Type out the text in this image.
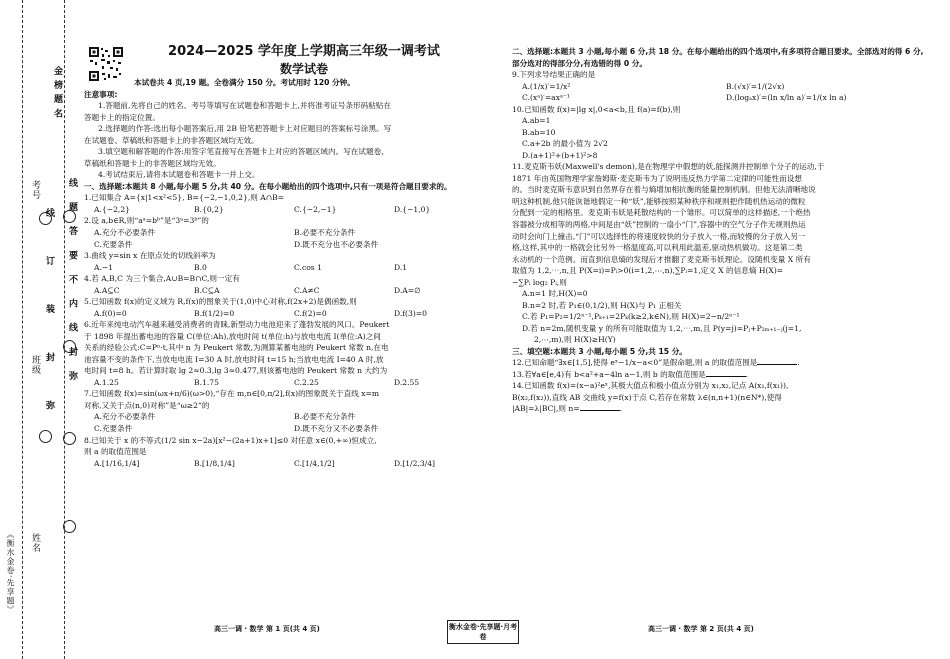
金 榜 题 名
考号
班级
姓名
《衡水金卷·先享题》
线 题 答 要 不 内 线 封 弥
线 订 装 封 弥
2024—2025 学年度上学期高三年级一调考试
数学试卷
本试卷共 4 页,19 题。全卷满分 150 分。考试用时 120 分钟。
注意事项:
1.答题前,先将自己的姓名、考号等填写在试题卷和答题卡上,并将准考证号条形码粘贴在
答题卡上的指定位置。
2.选择题的作答:选出每小题答案后,用 2B 铅笔把答题卡上对应题目的答案标号涂黑。写
在试题卷、草稿纸和答题卡上的非答题区域均无效。
3.填空题和解答题的作答:用签字笔直接写在答题卡上对应的答题区域内。写在试题卷、
草稿纸和答题卡上的非答题区域均无效。
4.考试结束后,请将本试题卷和答题卡一并上交。
一、选择题:本题共 8 小题,每小题 5 分,共 40 分。在每小题给出的四个选项中,只有一项是符合题目要求的。
1.已知集合 A={x|1<x²<5}, B={−2,−1,0,2},则 A∩B=
A.{−2,2}	B.{0,2}	C.{−2,−1}	D.{−1,0}
2.设 a,b∈R,则“aᵃ=bᵇ”是“3ᵃ=3ᵇ”的
A.充分不必要条件	B.必要不充分条件
C.充要条件	D.既不充分也不必要条件
3.曲线 y=sin x 在原点处的切线斜率为
A.−1	B.0	C.cos 1	D.1
4.若 A,B,C 为三个集合,A∪B=B∩C,则一定有
A.A⊆C	B.C⊆A	C.A≠C	D.A=∅
5.已知函数 f(x)的定义域为 R,f(x)的图象关于(1,0)中心对称,f(2x+2)是偶函数,则
A.f(0)=0	B.f(1/2)=0	C.f(2)=0	D.f(3)=0
6.近年来纯电动汽车越来越受消费者的青睐,新型动力电池迎来了蓬勃发展的风口。Peukert
于 1898 年提出蓄电池的容量 C(单位:Ah),放电时间 t(单位:h)与放电电流 I(单位:A)之间
关系的经验公式:C=Pⁿ·t,其中 n 为 Peukert 常数,为测算某蓄电池的 Peukert 常数 n,在电
池容量不变的条件下,当放电电流 I=30 A 时,放电时间 t=15 h;当放电电流 I=40 A 时,放
电时间 t=8 h。若计算时取 lg 2≈0.3,lg 3≈0.477,则该蓄电池的 Peukert 常数 n 大约为
A.1.25	B.1.75	C.2.25	D.2.55
7.已知函数 f(x)=sin(ωx+π/6)(ω>0),“存在 m,n∈[0,π/2],f(x)的图象既关于直线 x=m
对称,又关于点(n,0)对称”是“ω≥2”的
A.充分不必要条件	B.必要不充分条件
C.充要条件	D.既不充分又不必要条件
8.已知关于 x 的不等式(1/2 sin x−2a)[x²−(2a+1)x+1]≤0 对任意 x∈(0,+∞)恒成立,
则 a 的取值范围是
A.[1/16,1/4]	B.[1/8,1/4]	C.[1/4,1/2]	D.[1/2,3/4]
二、选择题:本题共 3 小题,每小题 6 分,共 18 分。在每小题给出的四个选项中,有多项符合题目要求。全部选对的得 6 分,部分选对的得部分分,有选错的得 0 分。
9.下列求导结果正确的是
A.(1/x)′=1/x²	B.(√x)′=1/(2√x)
C.(xᵃ)′=axᵃ⁻¹	D.(logₐx)′=(ln x/ln a)′=1/(x ln a)
10.已知函数 f(x)=|lg x|,0<a<b,且 f(a)=f(b),则
A.ab=1
B.ab=10
C.a+2b 的最小值为 2√2
D.(a+1)²+(b+1)²>8
11.麦克斯韦妖(Maxwell's demon),是在物理学中假想的妖,能探测并控制单个分子的运动,于
1871 年由英国物理学家詹姆斯·麦克斯韦为了说明违反热力学第二定律的可能性而设想
的。当时麦克斯韦意识到自然界存在着与熵增加相抗衡的能量控制机制。但他无法清晰地说
明这种机制,他只能诙谐地假定一种“妖”,能够按照某种秩序和规则把作随机热运动的微粒
分配到一定的相格里。麦克斯韦妖是耗散结构的一个雏形。可以简单的这样描述,一个绝热
容器被分成相等的两格,中间是由“妖”控制的一扇小“门”,容器中的空气分子作无规则热运
动时会向门上撞击,“门”可以选择性的将速度较快的分子放入一格,而较慢的分子放入另一
格,这样,其中的一格就会比另外一格温度高,可以利用此温差,驱动热机做功。这是第二类
永动机的一个范例。而直到信息熵的发现后才推翻了麦克斯韦妖理论。设随机变量 X 所有
取值为 1,2,⋯,n,且 P(X=i)=Pᵢ>0(i=1,2,⋯,n),∑Pᵢ=1,定义 X 的信息熵 H(X)=
−∑Pᵢ log₂ Pᵢ,则
A.n=1 时,H(X)=0
B.n=2 时,若 P₁∈(0,1/2),则 H(X)与 P₁ 正相关
C.若 P₁=P₂=1/2ⁿ⁻¹,Pₖ₊₁=2Pₖ(k≥2,k∈N),则 H(X)=2−n/2ⁿ⁻¹
D.若 n=2m,随机变量 y 的所有可能取值为 1,2,⋯,m,且 P(y=j)=Pⱼ+P₂ₘ₊₁₋ⱼ(j=1,
2,⋯,m),则 H(X)≥H(Y)
三、填空题:本题共 3 小题,每小题 5 分,共 15 分。
12.已知命题“∃x∈[1,5],使得 eˣ−1/x−a<0”是假命题,则 a 的取值范围是	.
13.若∀a∈[e,4)有 b<a²+a−4ln a−1,则 b 的取值范围是	.
14.已知函数 f(x)=(x−a)²eˣ,其极大值点和极小值点分别为 x₁,x₂,记点 A(x₁,f(x₁)),
B(x₂,f(x₂)),直线 AB 交曲线 y=f(x)于点 C,若存在常数 λ∈(n,n+1)(n∈N*),使得
|AB|=λ|BC|,则 n=	.
高三一调 · 数学 第 1 页(共 4 页)	衡水金卷·先享题·月考卷
高三一调 · 数学 第 2 页(共 4 页)
